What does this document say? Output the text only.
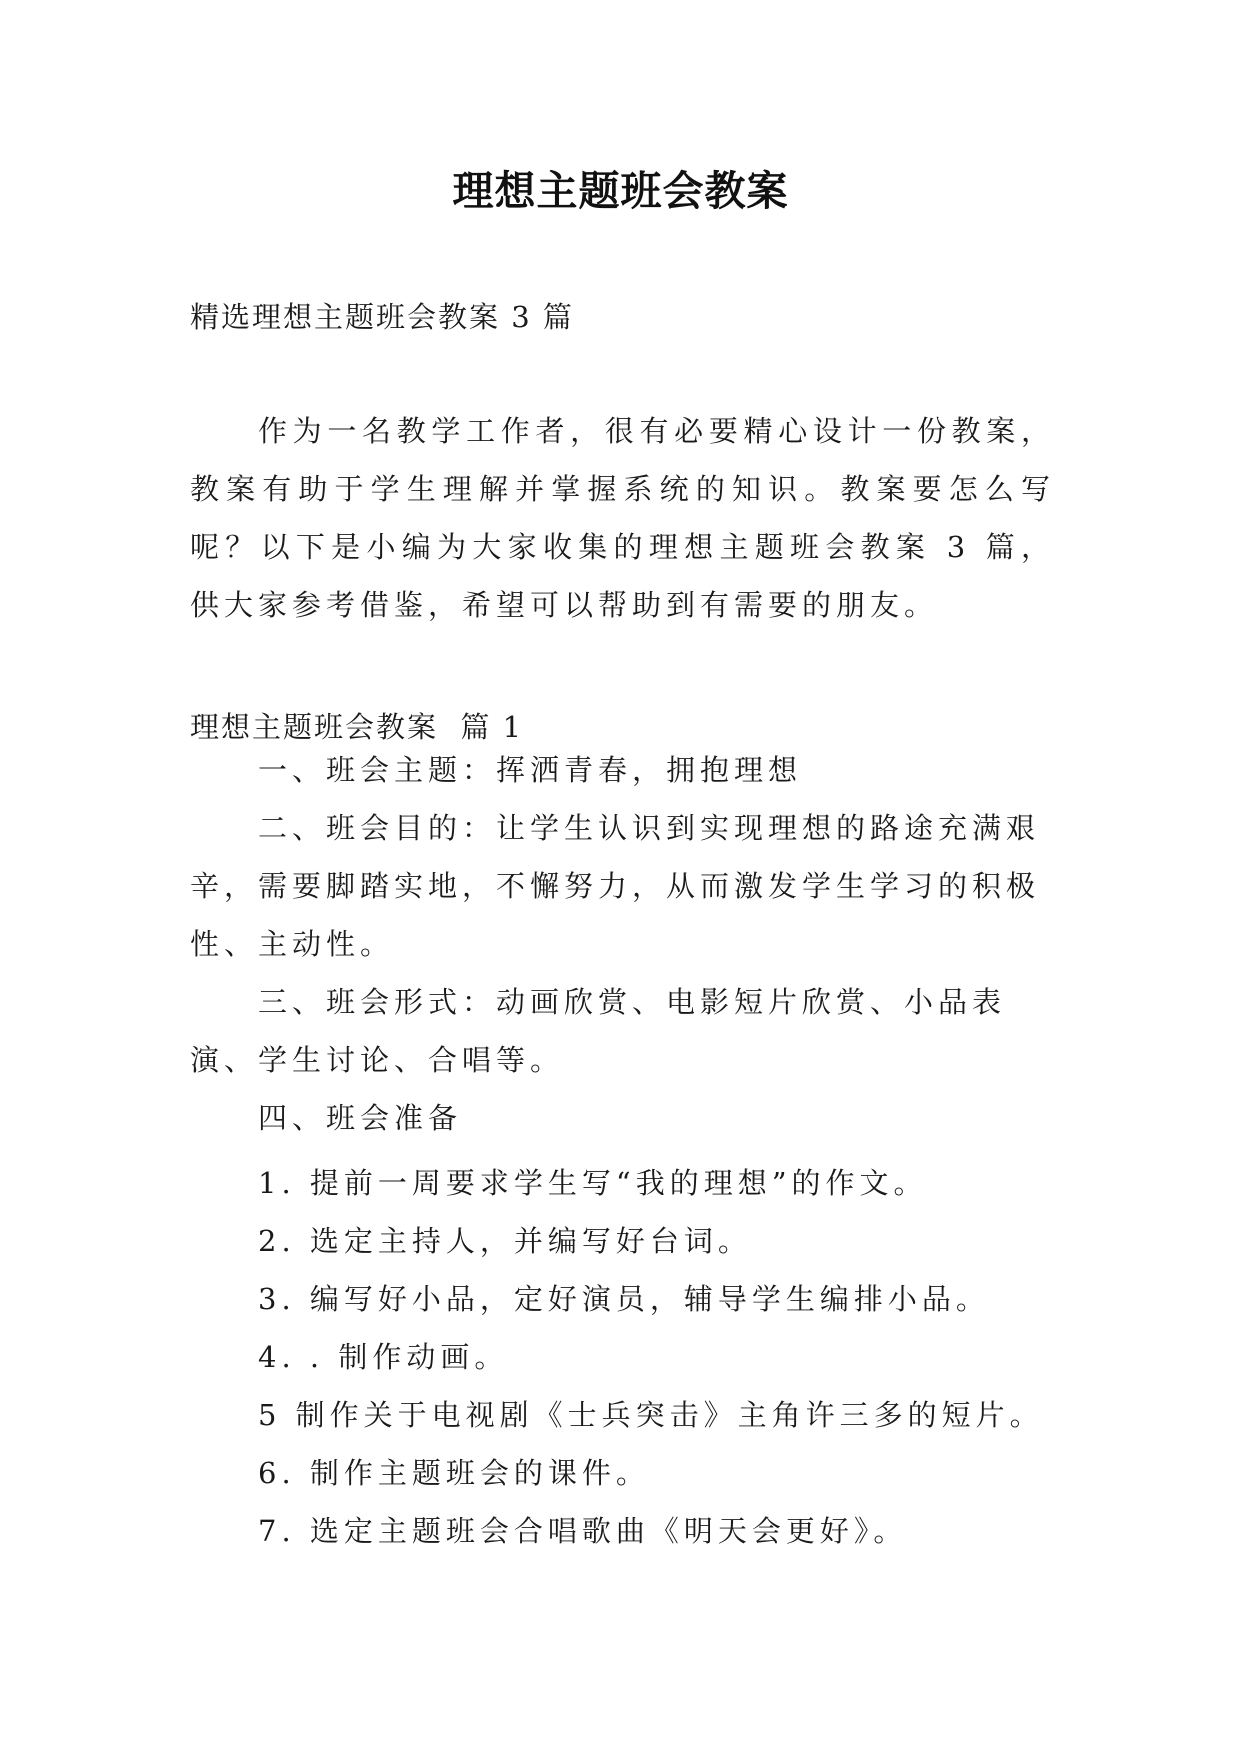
理想主题班会教案
精选理想主题班会教案 3 篇
作为一名教学工作者，很有必要精心设计一份教案，教案有助于学生理解并掌握系统的知识。教案要怎么写呢？以下是小编为大家收集的理想主题班会教案 3 篇，供大家参考借鉴，希望可以帮助到有需要的朋友。
理想主题班会教案  篇 1
一、班会主题：挥洒青春，拥抱理想
二、班会目的：让学生认识到实现理想的路途充满艰辛，需要脚踏实地，不懈努力，从而激发学生学习的积极性、主动性。
三、班会形式：动画欣赏、电影短片欣赏、小品表演、学生讨论、合唱等。
四、班会准备
1. 提前一周要求学生写“我的理想”的作文。
2. 选定主持人，并编写好台词。
3. 编写好小品，定好演员，辅导学生编排小品。
4. . 制作动画。
5 制作关于电视剧《士兵突击》主角许三多的短片。
6. 制作主题班会的课件。
7. 选定主题班会合唱歌曲《明天会更好》。
